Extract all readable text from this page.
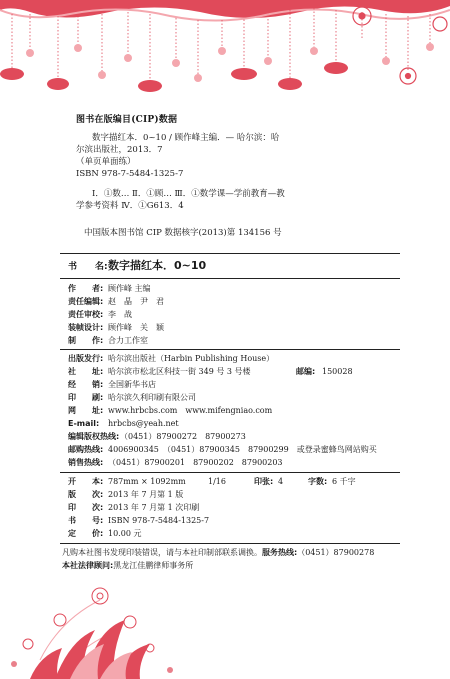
图书在版编目(CIP)数据
数字描红本．0~10 / 顾作峰主编．— 哈尔滨：哈
尔滨出版社，2013．7
（单页单面练）
ISBN 978-7-5484-1325-7
Ⅰ．①数… Ⅱ．①顾… Ⅲ．①数学课—学前教育—教
学参考资料 Ⅳ．①G613．4
中国版本图书馆 CIP 数据核字(2013)第 134156 号
书　　名:数字描红本．0~10
作　　者: 顾作峰 主编
责任编辑: 赵　晶　尹　君
责任审校: 李　战
装帧设计: 顾作峰　关　颖
制　　作: 合力工作室
出版发行: 哈尔滨出版社（Harbin Publishing House）
社　　址: 哈尔滨市松北区科技一街 349 号 3 号楼	邮编: 150028
经　　销: 全国新华书店
印　　刷: 哈尔滨久利印刷有限公司
网　　址: www.hrbcbs.com　www.mifengniao.com
E-mail: hrbcbs@yeah.net
编辑版权热线:（0451）87900272　87900273
邮购热线: 4006900345　（0451）87900345　87900299　或登录蜜蜂鸟网站购买
销售热线: （0451）87900201　87900202　87900203
开　　本: 787mm × 1092mm	1/16	印张: 4	字数: 6 千字
版　　次: 2013 年 7 月第 1 版
印　　次: 2013 年 7 月第 1 次印刷
书　　号: ISBN 978-7-5484-1325-7
定　　价: 10.00 元
凡购本社图书发现印装错误，请与本社印制部联系调换。服务热线:（0451）87900278
本社法律顾问:黑龙江佳鹏律师事务所
